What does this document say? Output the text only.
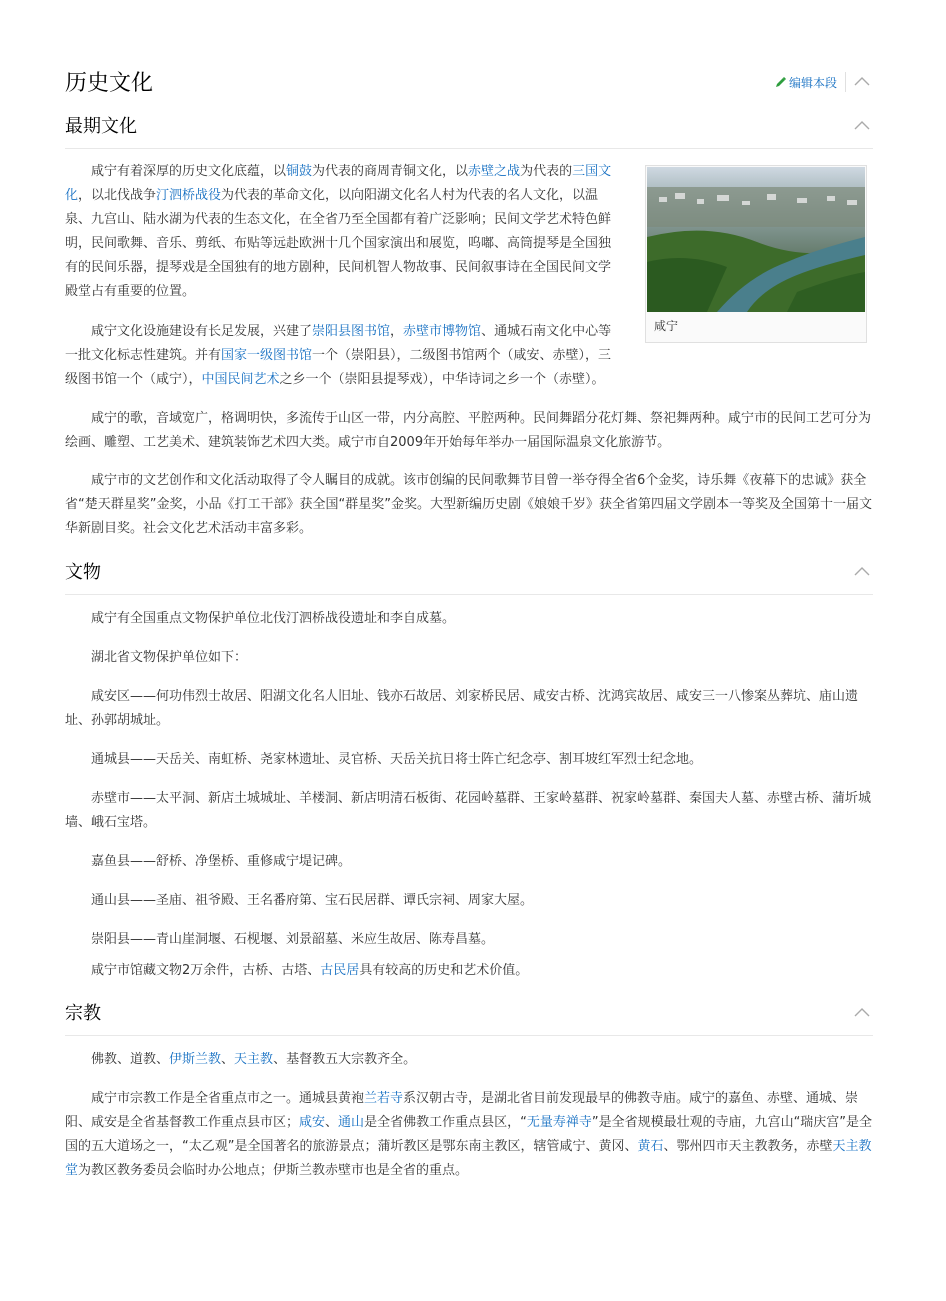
历史文化	编辑本段
最期文化
咸宁

咸宁有着深厚的历史文化底蕴，以铜鼓为代表的商周青铜文化，以赤壁之战为代表的三国文化，以北伐战争汀泗桥战役为代表的革命文化，以向阳湖文化名人村为代表的名人文化，以温泉、九宫山、陆水湖为代表的生态文化，在全省乃至全国都有着广泛影响；民间文学艺术特色鲜明，民间歌舞、音乐、剪纸、布贴等远赴欧洲十几个国家演出和展览，呜嘟、高筒提琴是全国独有的民间乐器，提琴戏是全国独有的地方剧种，民间机智人物故事、民间叙事诗在全国民间文学殿堂占有重要的位置。

咸宁文化设施建设有长足发展，兴建了崇阳县图书馆，赤壁市博物馆、通城石南文化中心等一批文化标志性建筑。并有国家一级图书馆一个（崇阳县），二级图书馆两个（咸安、赤壁），三级图书馆一个（咸宁），中国民间艺术之乡一个（崇阳县提琴戏），中华诗词之乡一个（赤壁）。

咸宁的歌，音域宽广，格调明快，多流传于山区一带，内分高腔、平腔两种。民间舞蹈分花灯舞、祭祀舞两种。咸宁市的民间工艺可分为绘画、雕塑、工艺美术、建筑装饰艺术四大类。咸宁市自2009年开始每年举办一届国际温泉文化旅游节。

咸宁市的文艺创作和文化活动取得了令人瞩目的成就。该市创编的民间歌舞节目曾一举夺得全省6个金奖，诗乐舞《夜幕下的忠诚》获全省“楚天群星奖”金奖，小品《打工干部》获全国“群星奖”金奖。大型新编历史剧《娘娘千岁》获全省第四届文学剧本一等奖及全国第十一届文华新剧目奖。社会文化艺术活动丰富多彩。

文物

咸宁有全国重点文物保护单位北伐汀泗桥战役遗址和李自成墓。

湖北省文物保护单位如下：

咸安区——何功伟烈士故居、阳湖文化名人旧址、钱亦石故居、刘家桥民居、咸安古桥、沈鸿宾故居、咸安三一八惨案丛葬坑、庙山遗址、孙郭胡城址。

通城县——天岳关、南虹桥、尧家林遗址、灵官桥、天岳关抗日将士阵亡纪念亭、割耳坡红军烈士纪念地。

赤壁市——太平洞、新店土城城址、羊楼洞、新店明清石板街、花园岭墓群、王家岭墓群、祝家岭墓群、秦国夫人墓、赤壁古桥、蒲圻城墙、峨石宝塔。

嘉鱼县——舒桥、净堡桥、重修咸宁堤记碑。

通山县——圣庙、祖爷殿、王名番府第、宝石民居群、谭氏宗祠、周家大屋。

崇阳县——青山崖洞堰、石枧堰、刘景韶墓、米应生故居、陈寿昌墓。

咸宁市馆藏文物2万余件，古桥、古塔、古民居具有较高的历史和艺术价值。

宗教

佛教、道教、伊斯兰教、天主教、基督教五大宗教齐全。

咸宁市宗教工作是全省重点市之一。通城县黄袍兰若寺系汉朝古寺，是湖北省目前发现最早的佛教寺庙。咸宁的嘉鱼、赤壁、通城、崇阳、咸安是全省基督教工作重点县市区；咸安、通山是全省佛教工作重点县区，“无量寿禅寺”是全省规模最壮观的寺庙，九宫山“瑞庆宫”是全国的五大道场之一，“太乙观”是全国著名的旅游景点；蒲圻教区是鄂东南主教区，辖管咸宁、黄冈、黄石、鄂州四市天主教教务，赤壁天主教堂为教区教务委员会临时办公地点；伊斯兰教赤壁市也是全省的重点。
